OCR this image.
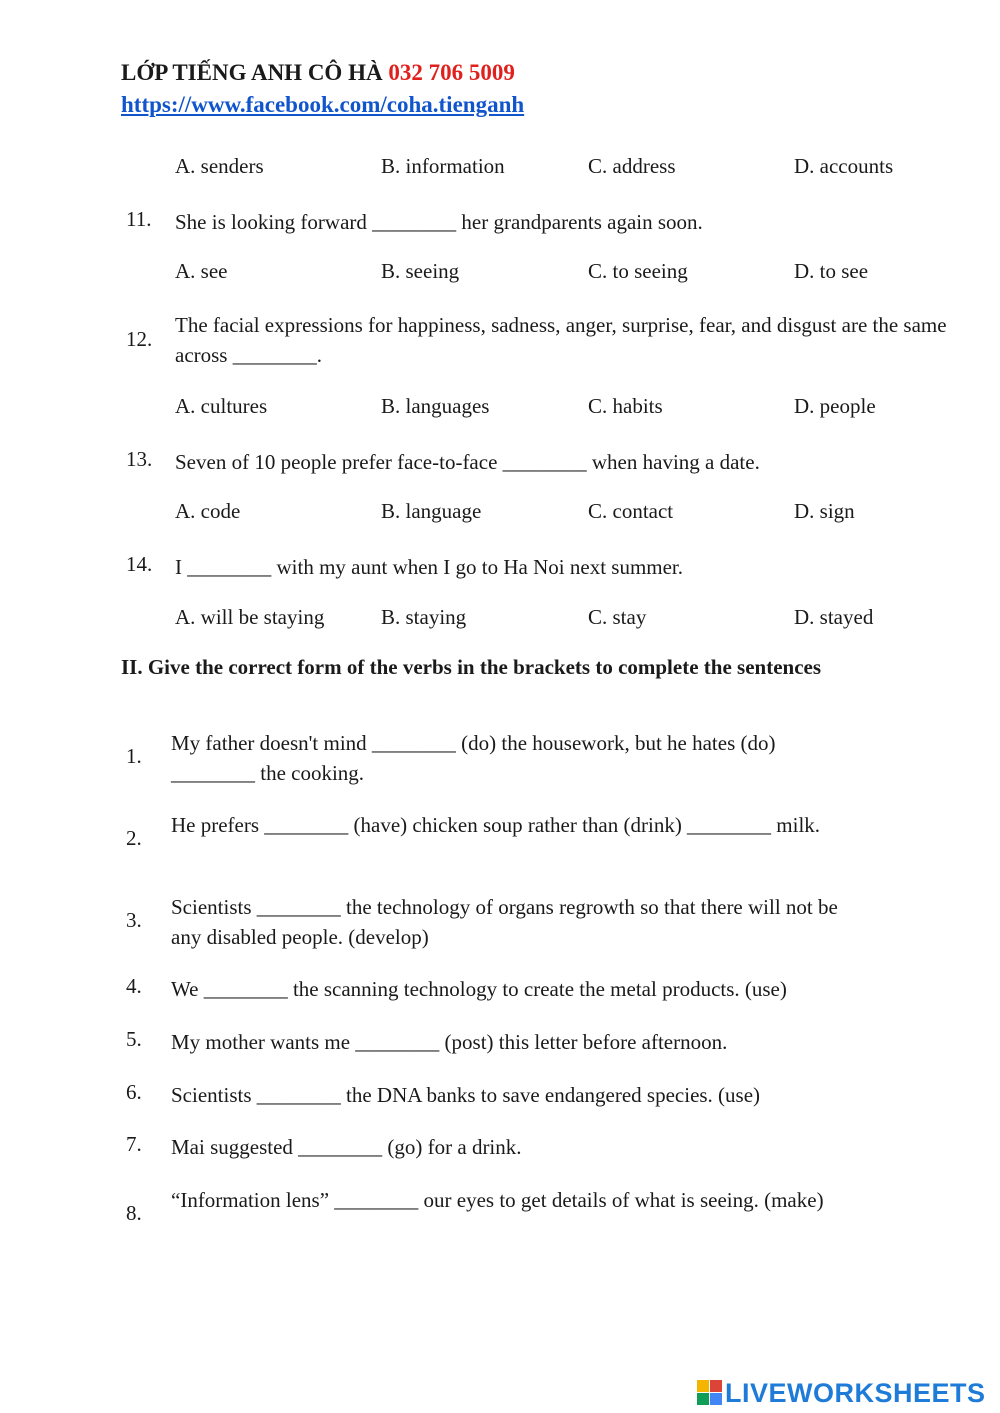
LỚP TIẾNG ANH CÔ HÀ 032 706 5009
https://www.facebook.com/coha.tienganh
A. senders	B. information	C. address	D. accounts
11. She is looking forward ________ her grandparents again soon.
A. see	B. seeing	C. to seeing	D. to see
12.
The facial expressions for happiness, sadness, anger, surprise, fear, and disgust are the same across ________.
A. cultures	B. languages	C. habits	D. people
13. Seven of 10 people prefer face-to-face ________ when having a date.
A. code	B. language	C. contact	D. sign
14. I ________ with my aunt when I go to Ha Noi next summer.
A. will be staying	B. staying	C. stay	D. stayed
II. Give the correct form of the verbs in the brackets to complete the sentences
1.
My father doesn't mind ________ (do) the housework, but he hates (do) ________ the cooking.
2.
He prefers ________ (have) chicken soup rather than (drink) ________ milk.
3.
Scientists ________ the technology of organs regrowth so that there will not be any disabled people. (develop)
4. We ________ the scanning technology to create the metal products. (use)
5. My mother wants me ________ (post) this letter before afternoon.
6. Scientists ________ the DNA banks to save endangered species. (use)
7. Mai suggested ________ (go) for a drink.
8.
“Information lens” ________ our eyes to get details of what is seeing. (make)
LIVEWORKSHEETS
